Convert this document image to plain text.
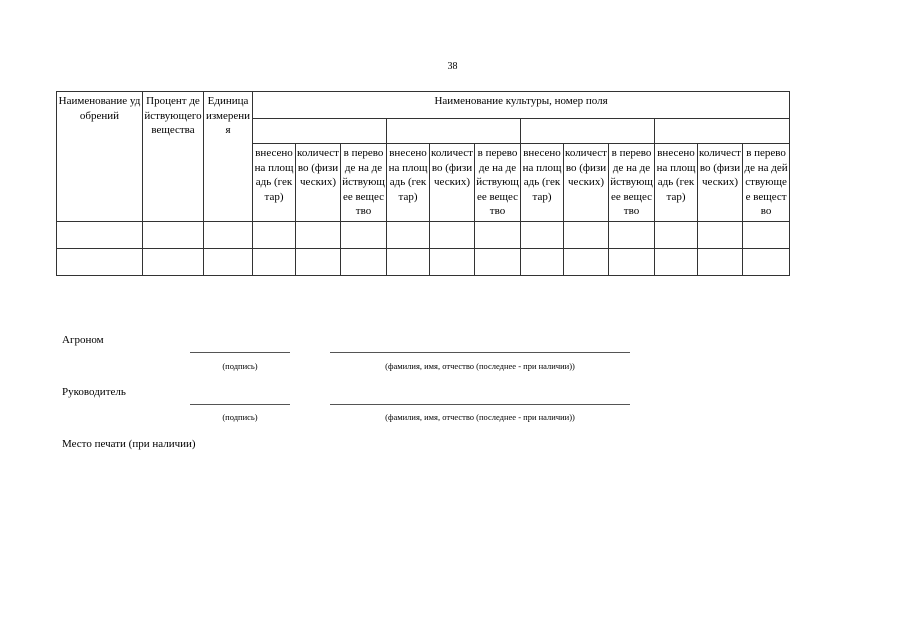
38
Наименование удобрений	Процент действующего вещества	Единица измерения	Наименование культуры, номер поля											

			внесено на площадь (гектар)	количество (физических)	в переводе на действующее вещество	внесено на площадь (гектар)	количество (физических)	в переводе на действующее вещество	внесено на площадь (гектар)	количество (физических)	в переводе на действующее вещество	внесено на площадь (гектар)	количество (физических)	в переводе на действующее вещество

Агроном
(подпись)	(фамилия, имя, отчество (последнее - при наличии))
Руководитель
(подпись)	(фамилия, имя, отчество (последнее - при наличии))
Место печати (при наличии)
